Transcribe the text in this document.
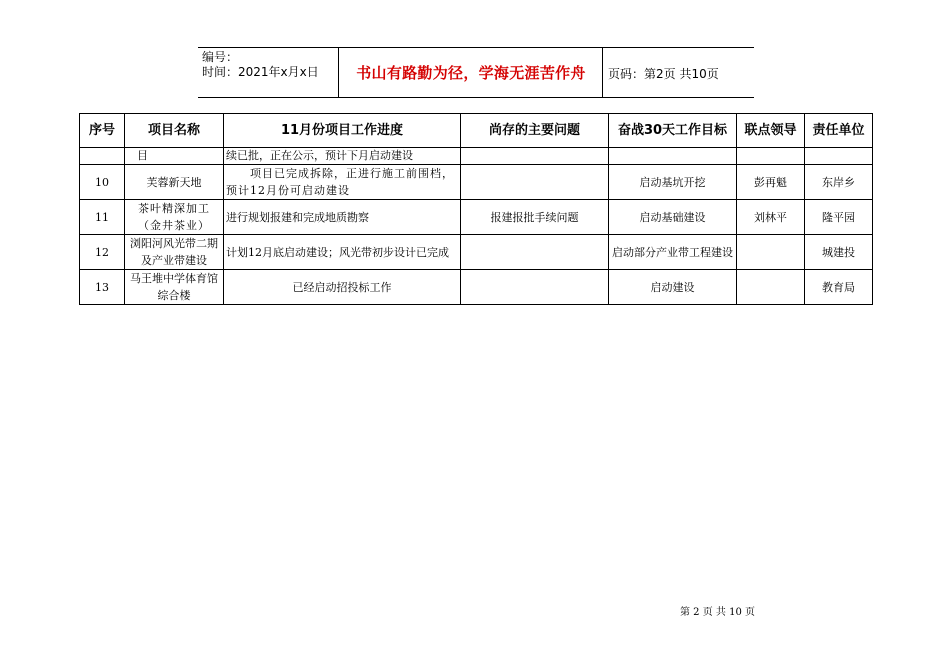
编号：
时间：2021年x月x日	书山有路勤为径，学海无涯苦作舟	页码：第2页 共10页
序号	项目名称	11月份项目工作进度	尚存的主要问题	奋战30天工作目标	联点领导	责任单位
	目	续已批，正在公示，预计下月启动建设				
10	芙蓉新天地	　　项目已完成拆除，正进行施工前围档，预计12月份可启动建设		启动基坑开挖	彭再魁	东岸乡
11	茶叶精深加工（金井茶业）	进行规划报建和完成地质勘察	报建报批手续问题	启动基础建设	刘林平	隆平园
12	浏阳河风光带二期及产业带建设	计划12月底启动建设；风光带初步设计已完成		启动部分产业带工程建设		城建投
13	马王堆中学体育馆综合楼	已经启动招投标工作		启动建设		教育局
第 2 页 共 10 页
